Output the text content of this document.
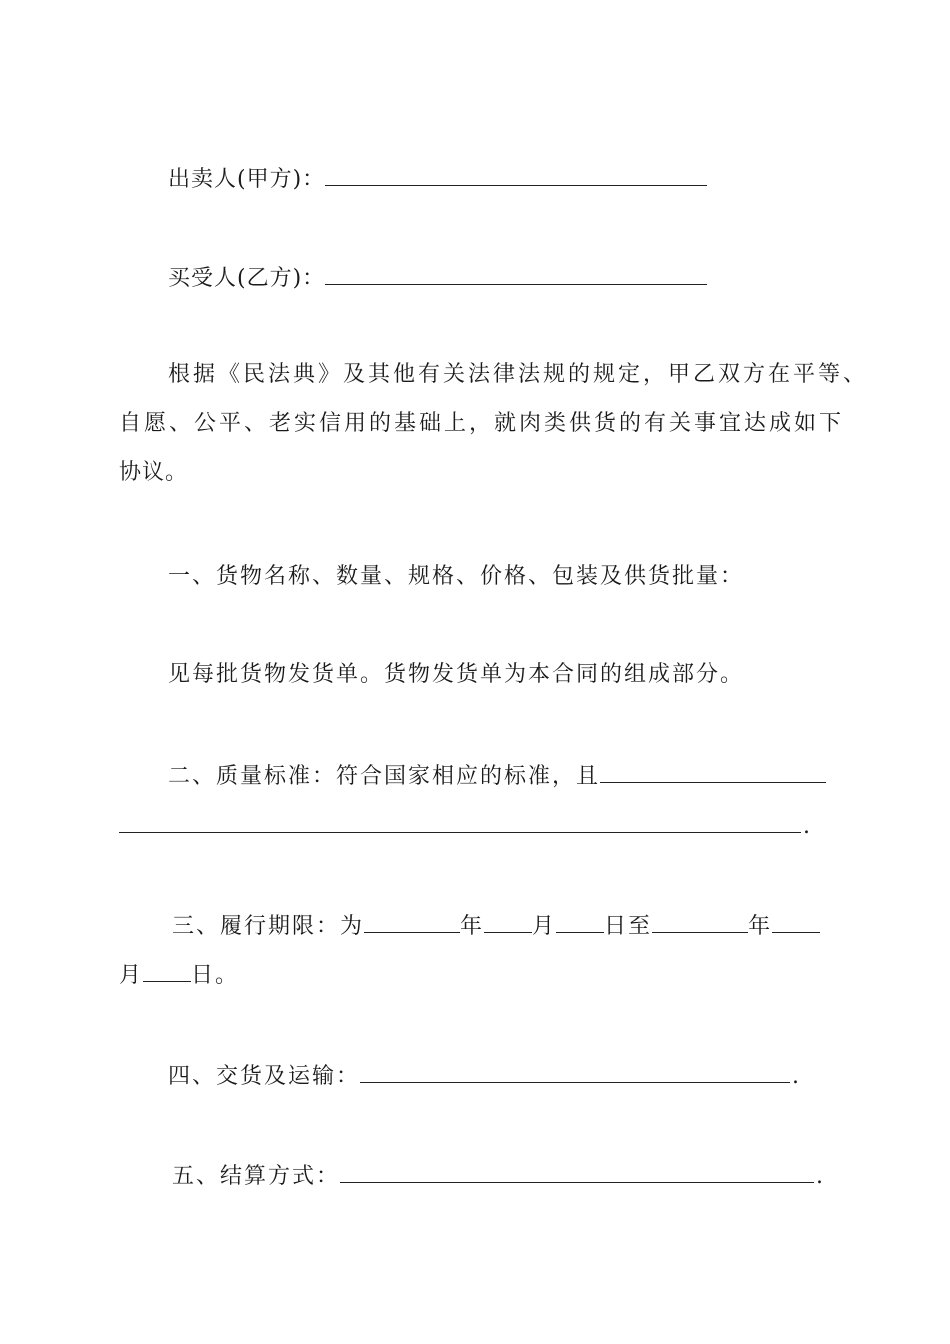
出卖人(甲方)：
买受人(乙方)：
根据《民法典》及其他有关法律法规的规定，甲乙双方在平等、
自愿、公平、老实信用的基础上，就肉类供货的有关事宜达成如下
协议。
一、货物名称、数量、规格、价格、包装及供货批量：
见每批货物发货单。货物发货单为本合同的组成部分。
二、质量标准：符合国家相应的标准，且
.
三、履行期限：为	年 月 日至	年
月 日。
四、交货及运输：	.
五、结算方式：	.
